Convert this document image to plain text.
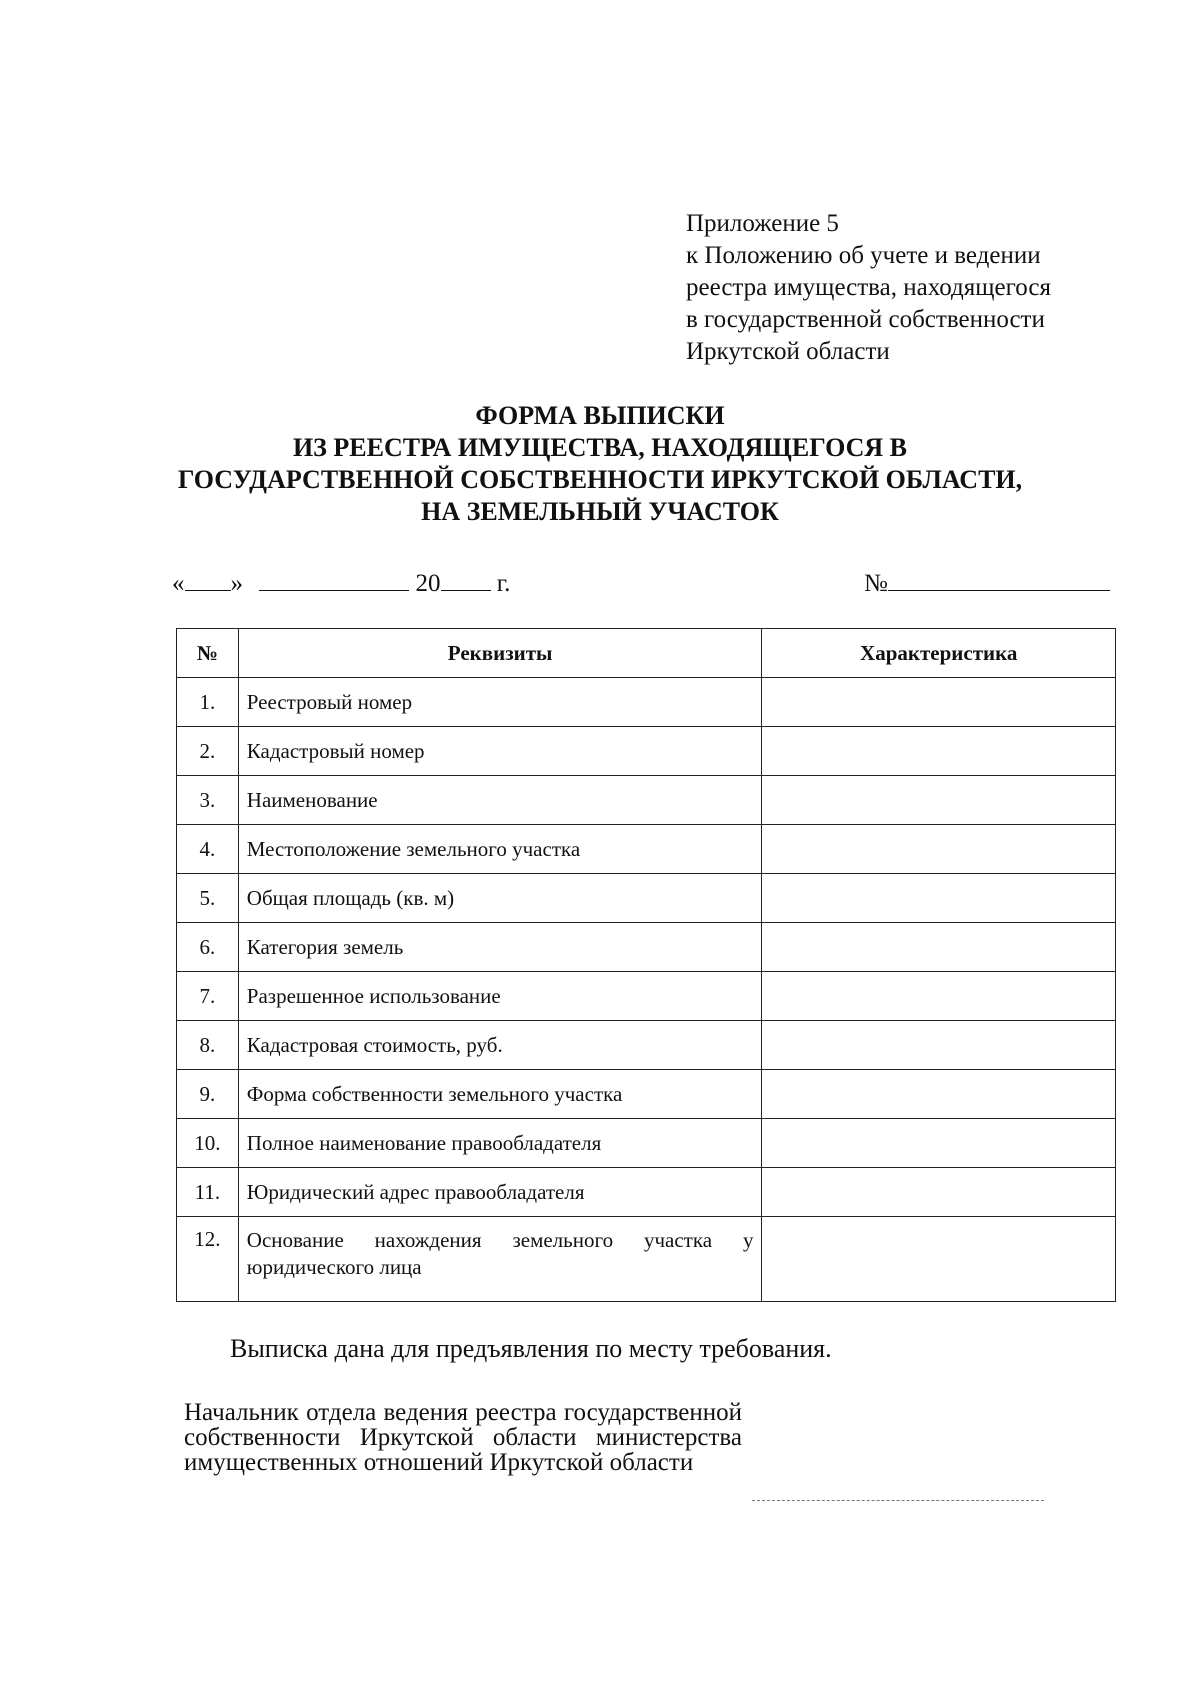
Приложение 5
к Положению об учете и ведении
реестра имущества, находящегося
в государственной собственности
Иркутской области
ФОРМА ВЫПИСКИ
ИЗ РЕЕСТРА ИМУЩЕСТВА, НАХОДЯЩЕГОСЯ В
ГОСУДАРСТВЕННОЙ СОБСТВЕННОСТИ ИРКУТСКОЙ ОБЛАСТИ,
НА ЗЕМЕЛЬНЫЙ УЧАСТОК
« »	20 г.	№
№	Реквизиты	Характеристика
1.	Реестровый номер	
2.	Кадастровый номер	
3.	Наименование	
4.	Местоположение земельного участка	
5.	Общая площадь (кв. м)	
6.	Категория земель	
7.	Разрешенное использование	
8.	Кадастровая стоимость, руб.	
9.	Форма собственности земельного участка	
10.	Полное наименование правообладателя	
11.	Юридический адрес правообладателя	
12.	Основание нахождения земельного участка у юридического лица	
Выписка дана для предъявления по месту требования.
Начальник отдела ведения реестра государственной собственности Иркутской области министерства имущественных отношений Иркутской области
